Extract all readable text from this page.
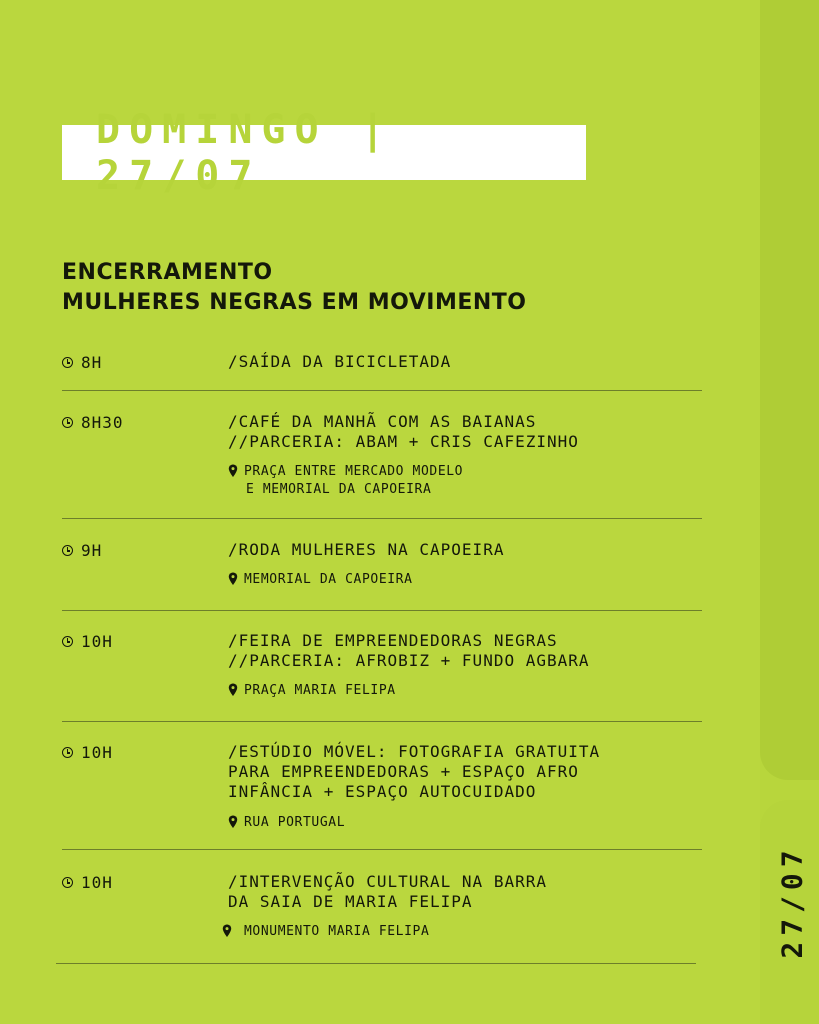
DOMINGO | 27/07
ENCERRAMENTO
MULHERES NEGRAS EM MOVIMENTO
8H	/SAÍDA DA BICICLETADA
8H30	/CAFÉ DA MANHÃ COM AS BAIANAS
//PARCERIA: ABAM + CRIS CAFEZINHO
PRAÇA ENTRE MERCADO MODELO
E MEMORIAL DA CAPOEIRA
9H	/RODA MULHERES NA CAPOEIRA
MEMORIAL DA CAPOEIRA
10H	/FEIRA DE EMPREENDEDORAS NEGRAS
//PARCERIA: AFROBIZ + FUNDO AGBARA
PRAÇA MARIA FELIPA
10H	/ESTÚDIO MÓVEL: FOTOGRAFIA GRATUITA
PARA EMPREENDEDORAS + ESPAÇO AFRO
INFÂNCIA + ESPAÇO AUTOCUIDADO
RUA PORTUGAL
10H	/INTERVENÇÃO CULTURAL NA BARRA
DA SAIA DE MARIA FELIPA
MONUMENTO MARIA FELIPA	27/07
